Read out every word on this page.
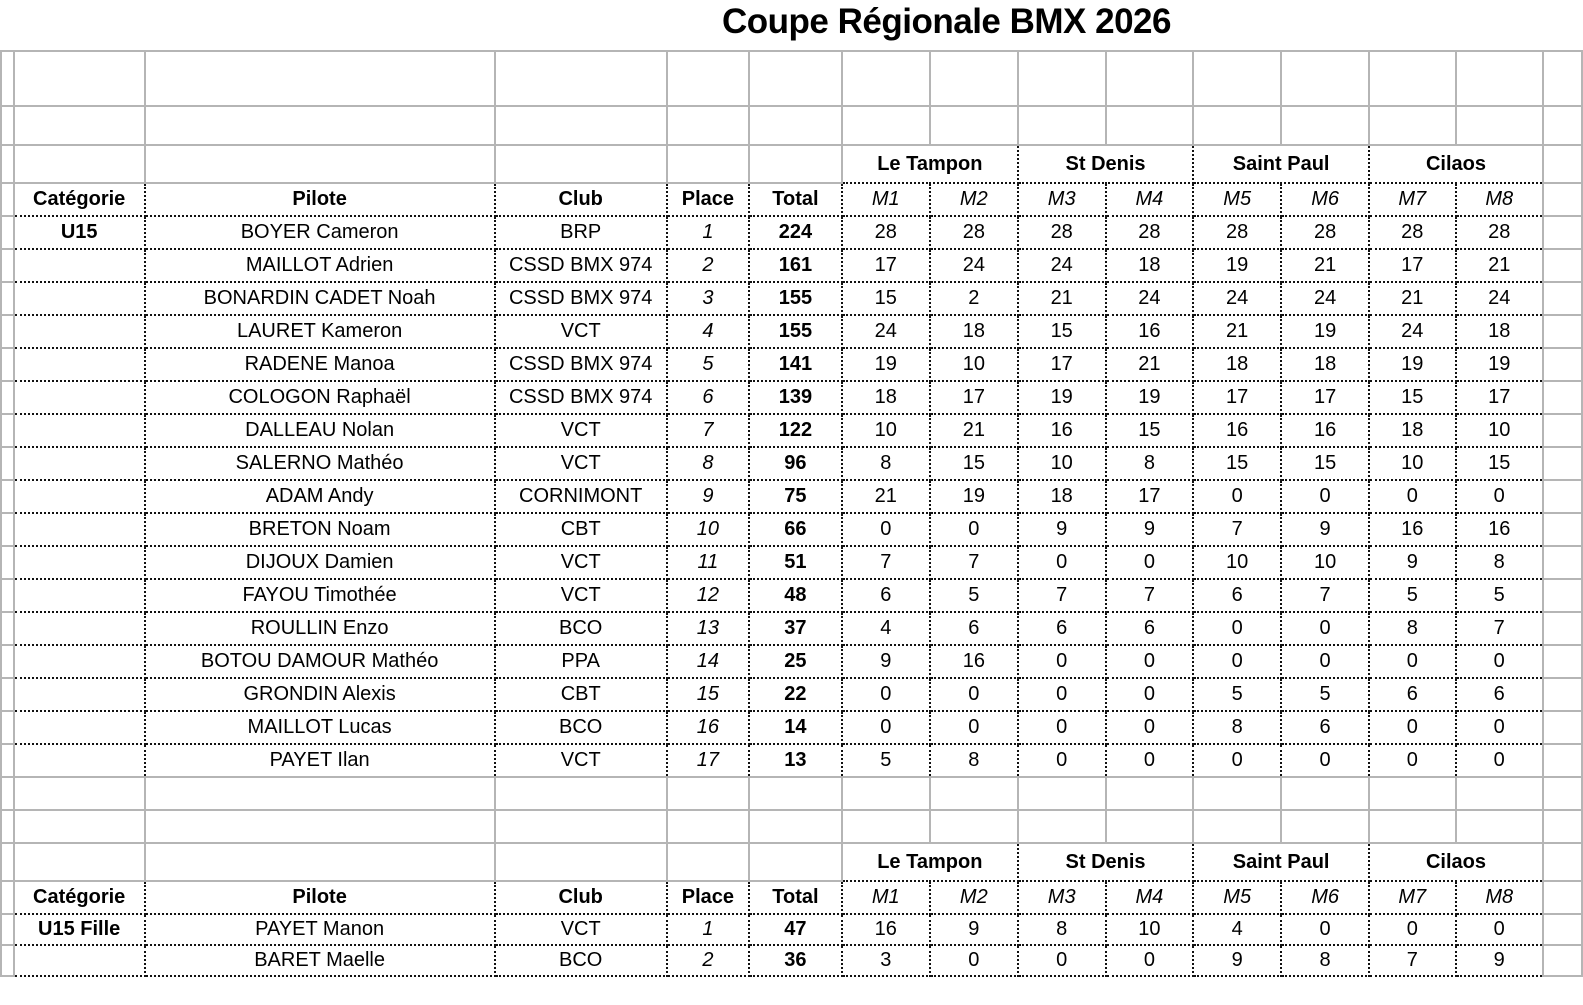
Coupe Régionale BMX 2026

						Le Tampon		St Denis		Saint Paul		Cilaos		
	Catégorie	Pilote	Club	Place	Total	M1	M2	M3	M4	M5	M6	M7	M8	
	U15	BOYER Cameron	BRP	1	224	28	28	28	28	28	28	28	28	
		MAILLOT Adrien	CSSD BMX 974	2	161	17	24	24	18	19	21	17	21	
		BONARDIN CADET Noah	CSSD BMX 974	3	155	15	2	21	24	24	24	21	24	
		LAURET Kameron	VCT	4	155	24	18	15	16	21	19	24	18	
		RADENE Manoa	CSSD BMX 974	5	141	19	10	17	21	18	18	19	19	
		COLOGON Raphaël	CSSD BMX 974	6	139	18	17	19	19	17	17	15	17	
		DALLEAU Nolan	VCT	7	122	10	21	16	15	16	16	18	10	
		SALERNO Mathéo	VCT	8	96	8	15	10	8	15	15	10	15	
		ADAM Andy	CORNIMONT	9	75	21	19	18	17	0	0	0	0	
		BRETON Noam	CBT	10	66	0	0	9	9	7	9	16	16	
		DIJOUX Damien	VCT	11	51	7	7	0	0	10	10	9	8	
		FAYOU Timothée	VCT	12	48	6	5	7	7	6	7	5	5	
		ROULLIN Enzo	BCO	13	37	4	6	6	6	0	0	8	7	
		BOTOU DAMOUR Mathéo	PPA	14	25	9	16	0	0	0	0	0	0	
		GRONDIN Alexis	CBT	15	22	0	0	0	0	5	5	6	6	
		MAILLOT Lucas	BCO	16	14	0	0	0	0	8	6	0	0	
		PAYET Ilan	VCT	17	13	5	8	0	0	0	0	0	0	

						Le Tampon		St Denis		Saint Paul		Cilaos		
	Catégorie	Pilote	Club	Place	Total	M1	M2	M3	M4	M5	M6	M7	M8	
	U15 Fille	PAYET Manon	VCT	1	47	16	9	8	10	4	0	0	0	
		BARET Maelle	BCO	2	36	3	0	0	0	9	8	7	9	
